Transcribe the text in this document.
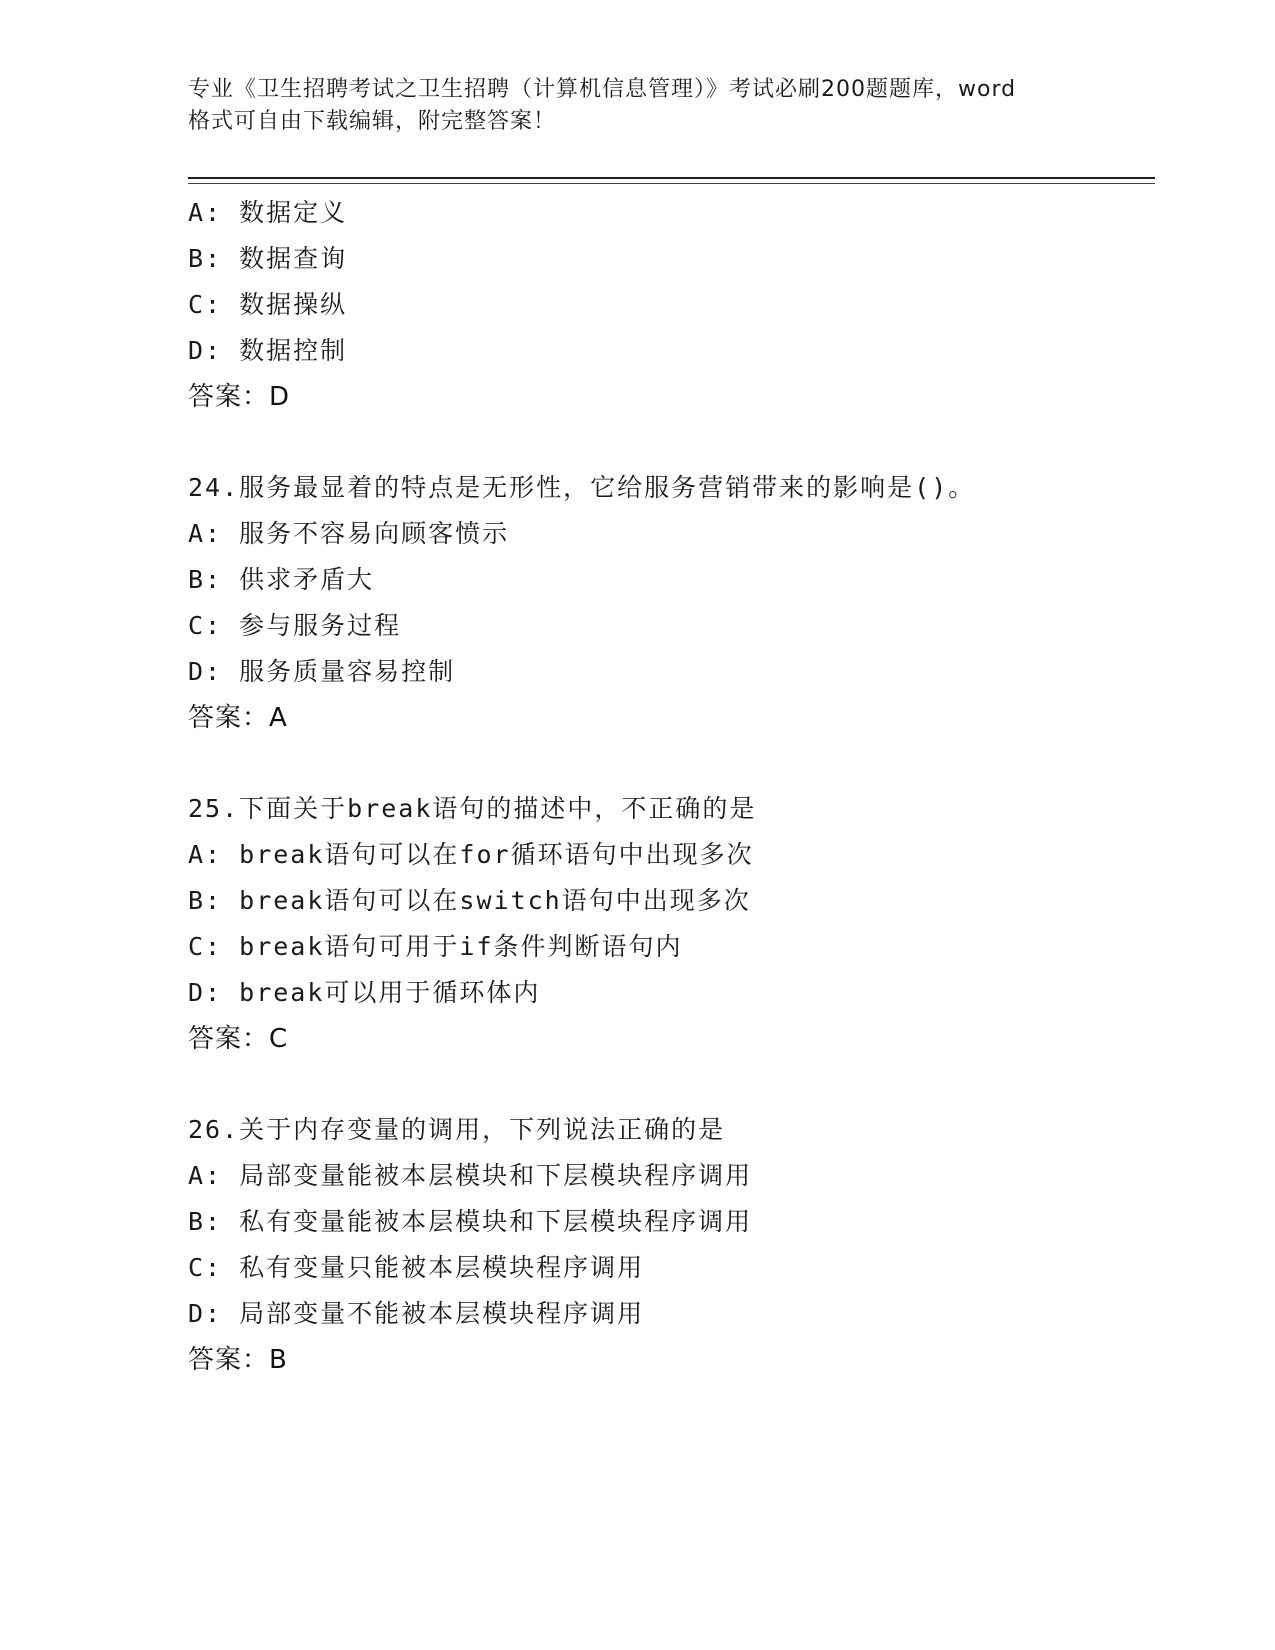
专业《卫生招聘考试之卫生招聘（计算机信息管理）》考试必刷200题题库，word
格式可自由下载编辑，附完整答案！
A: 数据定义
B: 数据查询
C: 数据操纵
D: 数据控制
答案：D
24.服务最显着的特点是无形性，它给服务营销带来的影响是()。
A: 服务不容易向顾客愤示
B: 供求矛盾大
C: 参与服务过程
D: 服务质量容易控制
答案：A
25.下面关于break语句的描述中，不正确的是
A: break语句可以在for循环语句中出现多次
B: break语句可以在switch语句中出现多次
C: break语句可用于if条件判断语句内
D: break可以用于循环体内
答案：C
26.关于内存变量的调用，下列说法正确的是
A: 局部变量能被本层模块和下层模块程序调用
B: 私有变量能被本层模块和下层模块程序调用
C: 私有变量只能被本层模块程序调用
D: 局部变量不能被本层模块程序调用
答案：B
